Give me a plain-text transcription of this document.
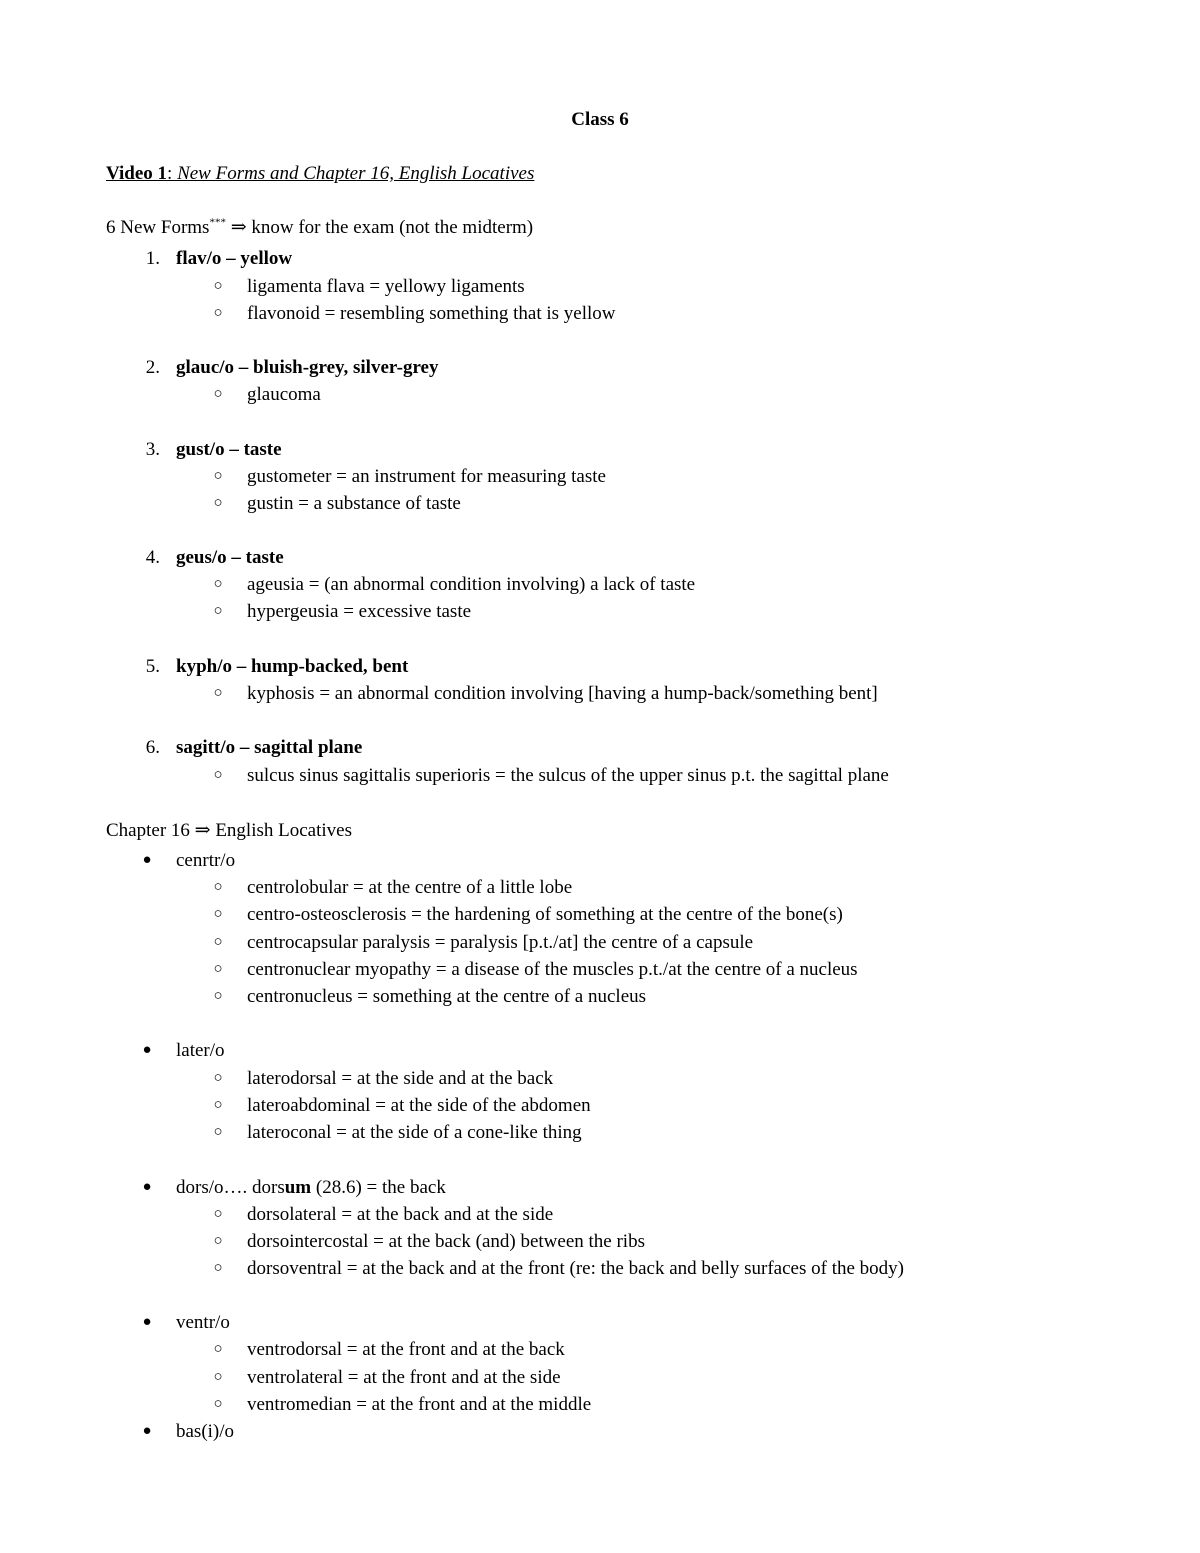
Class 6
Video 1: New Forms and Chapter 16, English Locatives
6 New Forms*** ⇒ know for the exam (not the midterm)
1. flav/o – yellow
○ ligamenta flava = yellowy ligaments
○ flavonoid = resembling something that is yellow
2. glauc/o – bluish-grey, silver-grey
○ glaucoma
3. gust/o – taste
○ gustometer = an instrument for measuring taste
○ gustin = a substance of taste
4. geus/o – taste
○ ageusia = (an abnormal condition involving) a lack of taste
○ hypergeusia = excessive taste
5. kyph/o – hump-backed, bent
○ kyphosis = an abnormal condition involving [having a hump-back/something bent]
6. sagitt/o – sagittal plane
○ sulcus sinus sagittalis superioris = the sulcus of the upper sinus p.t. the sagittal plane
Chapter 16 ⇒ English Locatives
● cenrtr/o
○ centrolobular = at the centre of a little lobe
○ centro-osteosclerosis = the hardening of something at the centre of the bone(s)
○ centrocapsular paralysis = paralysis [p.t./at] the centre of a capsule
○ centronuclear myopathy = a disease of the muscles p.t./at the centre of a nucleus
○ centronucleus = something at the centre of a nucleus
● later/o
○ laterodorsal = at the side and at the back
○ lateroabdominal = at the side of the abdomen
○ lateroconal = at the side of a cone-like thing
● dors/o…. dorsum (28.6) = the back
○ dorsolateral = at the back and at the side
○ dorsointercostal = at the back (and) between the ribs
○ dorsoventral = at the back and at the front (re: the back and belly surfaces of the body)
● ventr/o
○ ventrodorsal = at the front and at the back
○ ventrolateral = at the front and at the side
○ ventromedian = at the front and at the middle
● bas(i)/o
